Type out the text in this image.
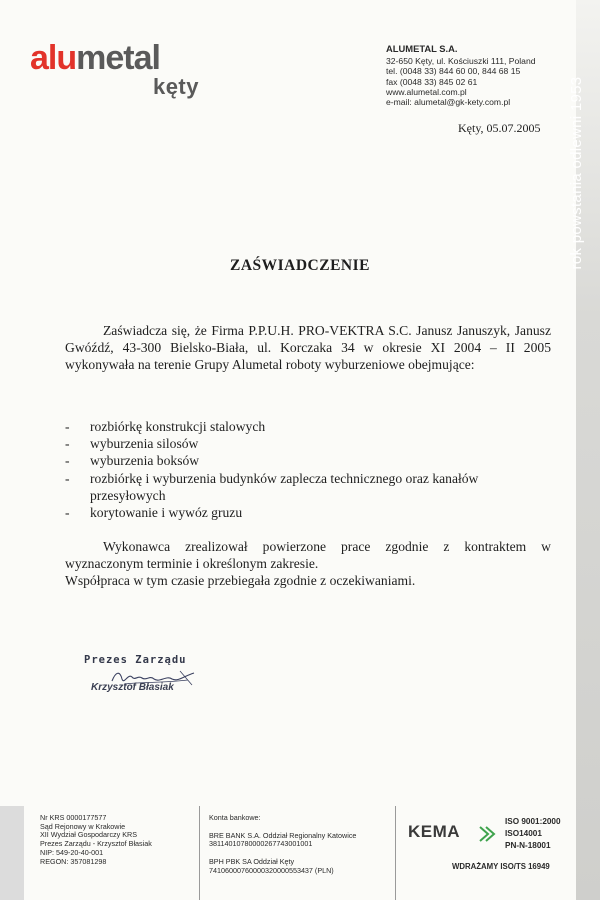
rok powstania odlewni 1953
alumetal
kęty
ALUMETAL S.A.
32-650 Kęty, ul. Kościuszki 111, Poland
tel. (0048 33) 844 60 00, 844 68 15
fax (0048 33) 845 02 61
www.alumetal.com.pl
e-mail: alumetal@gk-kety.com.pl
Kęty, 05.07.2005
ZAŚWIADCZENIE
Zaświadcza się, że Firma P.P.U.H. PRO-VEKTRA S.C. Janusz Januszyk, Janusz Gwóźdź, 43-300 Bielsko-Biała, ul. Korczaka 34 w okresie XI 2004 – II 2005 wykonywała na terenie Grupy Alumetal roboty wyburzeniowe obejmujące:
- rozbiórkę konstrukcji stalowych
- wyburzenia silosów
- wyburzenia boksów
- rozbiórkę i wyburzenia budynków zaplecza technicznego oraz kanałów przesyłowych
- korytowanie i wywóz gruzu
Wykonawca zrealizował powierzone prace zgodnie z kontraktem w wyznaczonym terminie i określonym zakresie.
Współpraca w tym czasie przebiegała zgodnie z oczekiwaniami.
Prezes Zarządu
Krzysztof Błasiak
Nr KRS 0000177577
Sąd Rejonowy w Krakowie
XII Wydział Gospodarczy KRS
Prezes Zarządu - Krzysztof Błasiak
NIP: 549-20-40-001
REGON: 357081298
Konta bankowe:
BRE BANK S.A. Oddział Regionalny Katowice
38114010780000267743001001
BPH PBK SA Oddział Kęty
74106000760000320000553437 (PLN)
KEMA
ISO 9001:2000
ISO14001
PN-N-18001
WDRAŻAMY ISO/TS 16949
